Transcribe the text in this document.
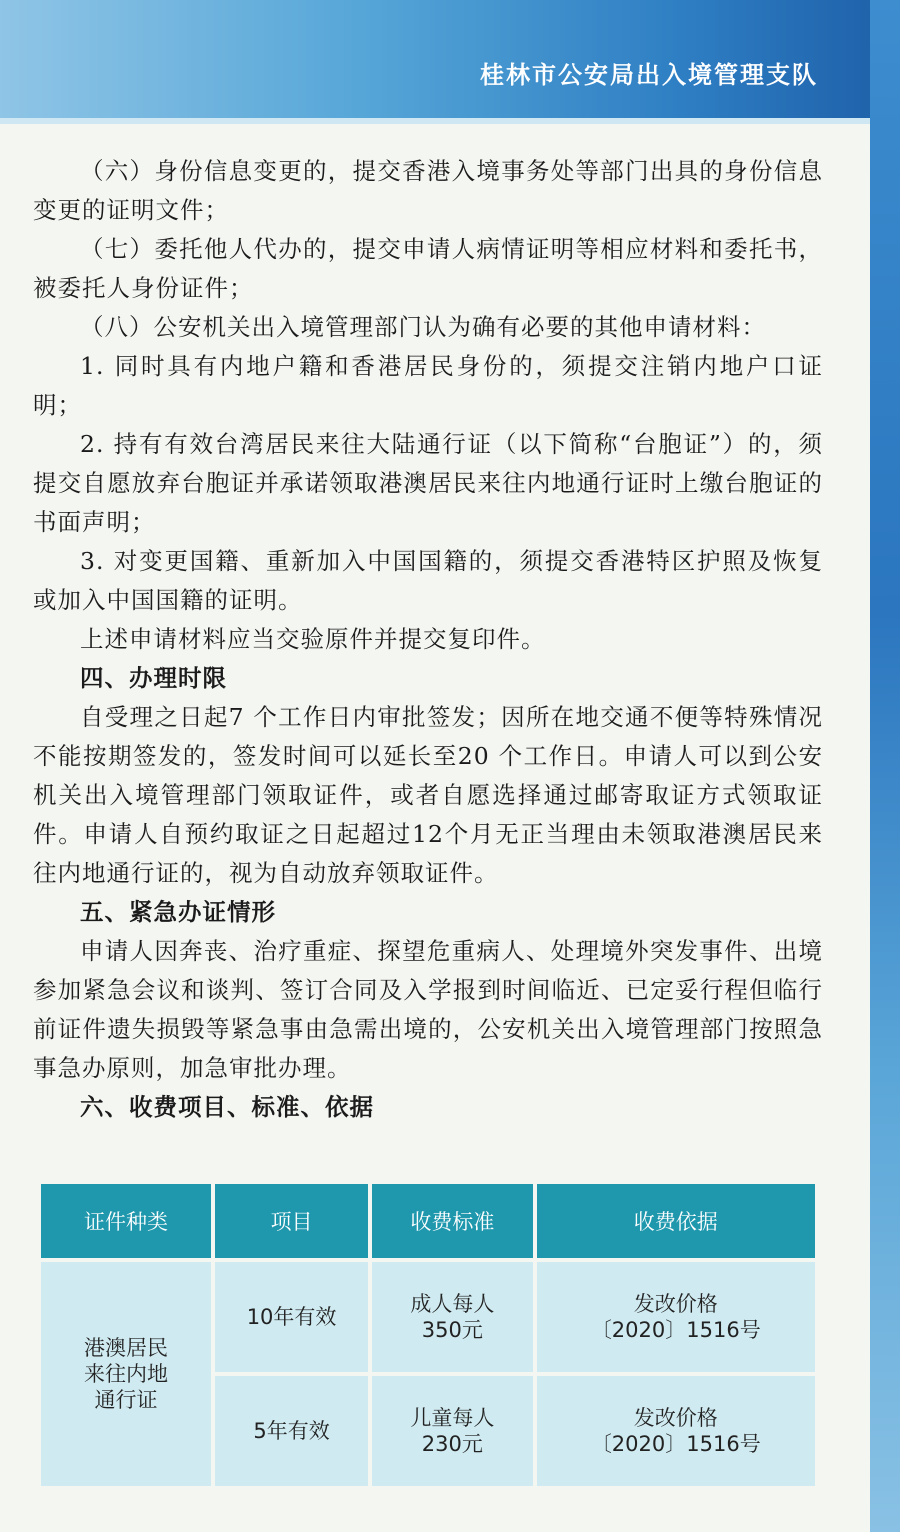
桂林市公安局出入境管理支队

（六）身份信息变更的，提交香港入境事务处等部门出具的身份信息变更的证明文件；

（七）委托他人代办的，提交申请人病情证明等相应材料和委托书，被委托人身份证件；

（八）公安机关出入境管理部门认为确有必要的其他申请材料：

1. 同时具有内地户籍和香港居民身份的，须提交注销内地户口证明；

2. 持有有效台湾居民来往大陆通行证（以下简称“台胞证”）的，须提交自愿放弃台胞证并承诺领取港澳居民来往内地通行证时上缴台胞证的书面声明；

3. 对变更国籍、重新加入中国国籍的，须提交香港特区护照及恢复或加入中国国籍的证明。

上述申请材料应当交验原件并提交复印件。

四、办理时限

自受理之日起7 个工作日内审批签发；因所在地交通不便等特殊情况不能按期签发的，签发时间可以延长至20 个工作日。申请人可以到公安机关出入境管理部门领取证件，或者自愿选择通过邮寄取证方式领取证件。申请人自预约取证之日起超过12个月无正当理由未领取港澳居民来往内地通行证的，视为自动放弃领取证件。

五、紧急办证情形

申请人因奔丧、治疗重症、探望危重病人、处理境外突发事件、出境参加紧急会议和谈判、签订合同及入学报到时间临近、已定妥行程但临行前证件遗失损毁等紧急事由急需出境的，公安机关出入境管理部门按照急事急办原则，加急审批办理。

六、收费项目、标准、依据

证件种类	项目	收费标准	收费依据

港澳居民
来往内地
通行证	10年有效	成人每人
350元	发改价格
〔2020〕1516号

	5年有效	儿童每人
230元	发改价格
〔2020〕1516号
